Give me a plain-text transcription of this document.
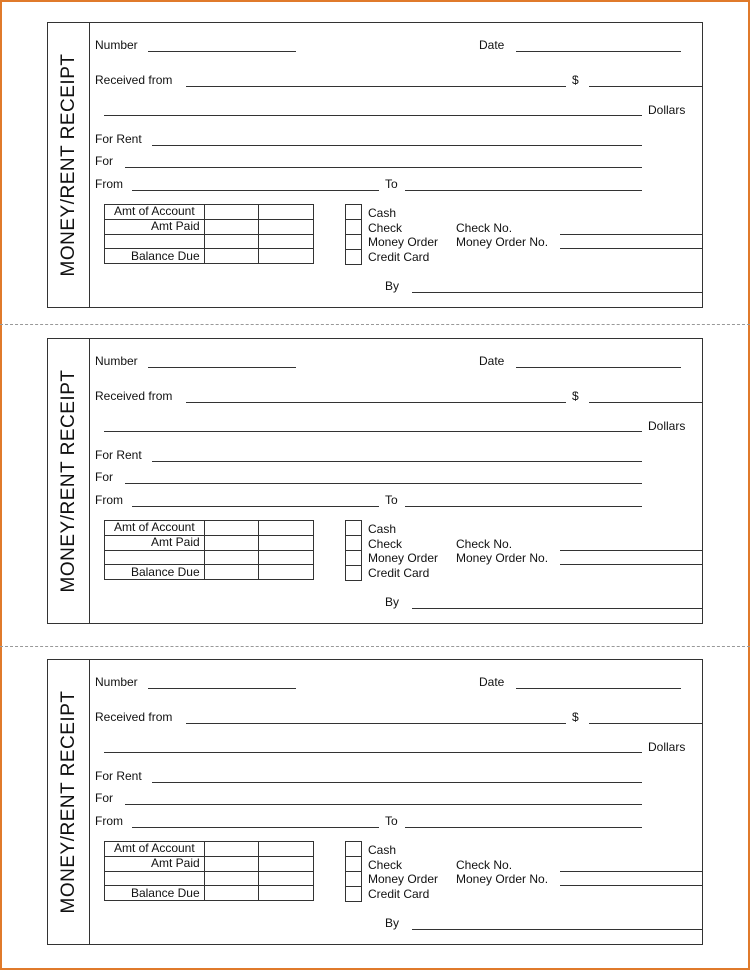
MONEY/RENT RECEIPT
Number	Date
Received from	$
Dollars
For Rent
For
From	To
Amt of Account		
Amt Paid		

Balance Due		
Cash
Check
Money Order
Credit Card
Check No.
Money Order No.
By
MONEY/RENT RECEIPT
Number	Date
Received from	$
Dollars
For Rent
For
From	To
Amt of Account		
Amt Paid		

Balance Due		
Cash
Check
Money Order
Credit Card
Check No.
Money Order No.
By
MONEY/RENT RECEIPT
Number	Date
Received from	$
Dollars
For Rent
For
From	To
Amt of Account		
Amt Paid		

Balance Due		
Cash
Check
Money Order
Credit Card
Check No.
Money Order No.
By
